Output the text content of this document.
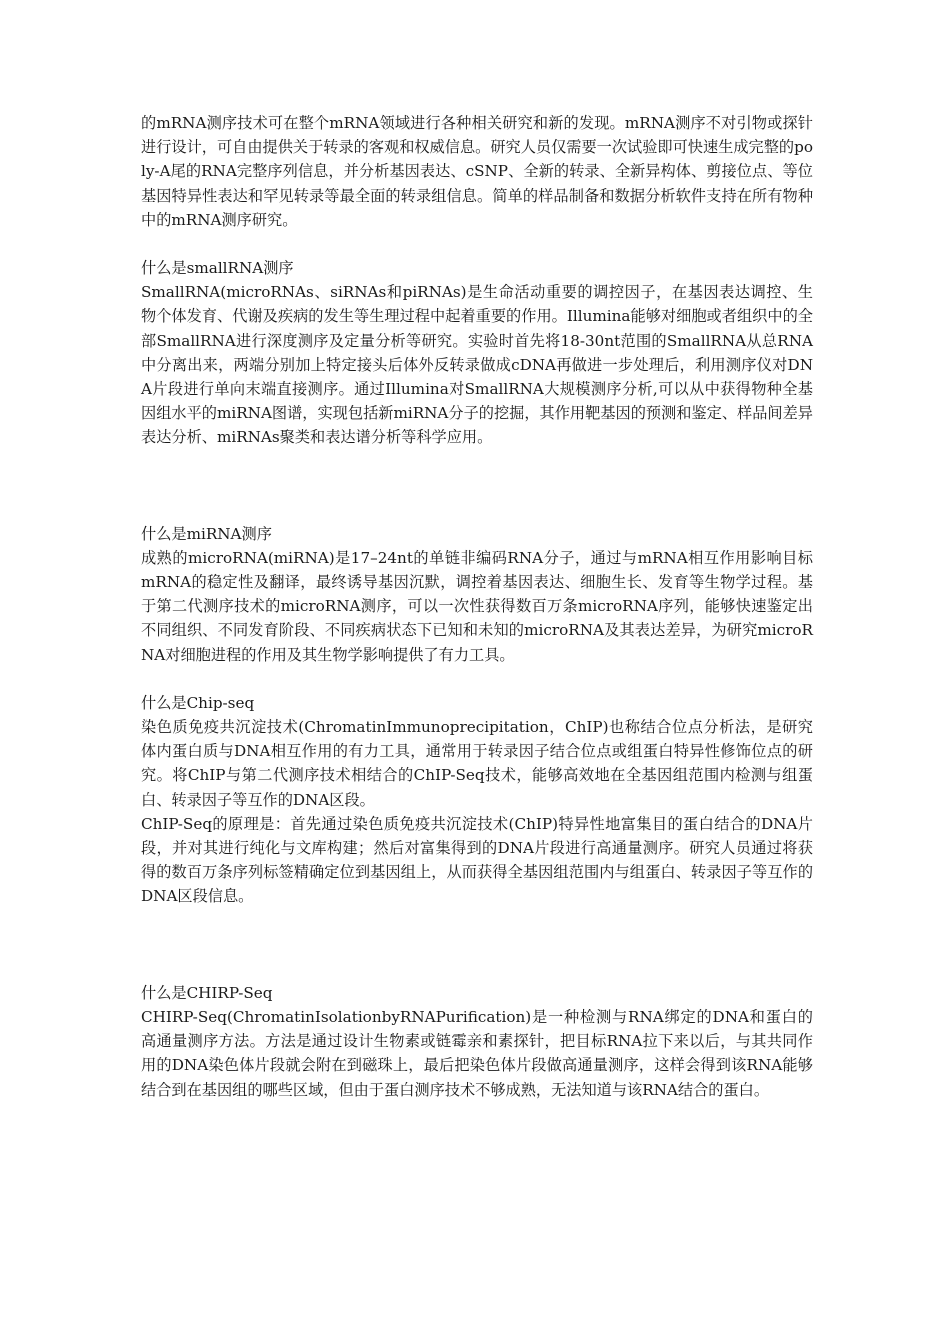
的mRNA测序技术可在整个mRNA领域进行各种相关研究和新的发现。mRNA测序不对引物或探针进行设计，可自由提供关于转录的客观和权威信息。研究人员仅需要一次试验即可快速生成完整的poly-A尾的RNA完整序列信息，并分析基因表达、cSNP、全新的转录、全新异构体、剪接位点、等位基因特异性表达和罕见转录等最全面的转录组信息。简单的样品制备和数据分析软件支持在所有物种中的mRNA测序研究。

什么是smallRNA测序

SmallRNA(microRNAs、siRNAs和piRNAs)是生命活动重要的调控因子，在基因表达调控、生物个体发育、代谢及疾病的发生等生理过程中起着重要的作用。Illumina能够对细胞或者组织中的全部SmallRNA进行深度测序及定量分析等研究。实验时首先将18-30nt范围的SmallRNA从总RNA中分离出来，两端分别加上特定接头后体外反转录做成cDNA再做进一步处理后，利用测序仪对DNA片段进行单向末端直接测序。通过Illumina对SmallRNA大规模测序分析,可以从中获得物种全基因组水平的miRNA图谱，实现包括新miRNA分子的挖掘，其作用靶基因的预测和鉴定、样品间差异表达分析、miRNAs聚类和表达谱分析等科学应用。

什么是miRNA测序

成熟的microRNA(miRNA)是17–24nt的单链非编码RNA分子，通过与mRNA相互作用影响目标mRNA的稳定性及翻译，最终诱导基因沉默，调控着基因表达、细胞生长、发育等生物学过程。基于第二代测序技术的microRNA测序，可以一次性获得数百万条microRNA序列，能够快速鉴定出不同组织、不同发育阶段、不同疾病状态下已知和未知的microRNA及其表达差异，为研究microRNA对细胞进程的作用及其生物学影响提供了有力工具。

什么是Chip-seq

染色质免疫共沉淀技术(ChromatinImmunoprecipitation，ChIP)也称结合位点分析法，是研究体内蛋白质与DNA相互作用的有力工具，通常用于转录因子结合位点或组蛋白特异性修饰位点的研究。将ChIP与第二代测序技术相结合的ChIP-Seq技术，能够高效地在全基因组范围内检测与组蛋白、转录因子等互作的DNA区段。

ChIP-Seq的原理是：首先通过染色质免疫共沉淀技术(ChIP)特异性地富集目的蛋白结合的DNA片段，并对其进行纯化与文库构建；然后对富集得到的DNA片段进行高通量测序。研究人员通过将获得的数百万条序列标签精确定位到基因组上，从而获得全基因组范围内与组蛋白、转录因子等互作的DNA区段信息。

什么是CHIRP-Seq

CHIRP-Seq(ChromatinIsolationbyRNAPurification)是一种检测与RNA绑定的DNA和蛋白的高通量测序方法。方法是通过设计生物素或链霉亲和素探针，把目标RNA拉下来以后，与其共同作用的DNA染色体片段就会附在到磁珠上，最后把染色体片段做高通量测序，这样会得到该RNA能够结合到在基因组的哪些区域，但由于蛋白测序技术不够成熟，无法知道与该RNA结合的蛋白。
